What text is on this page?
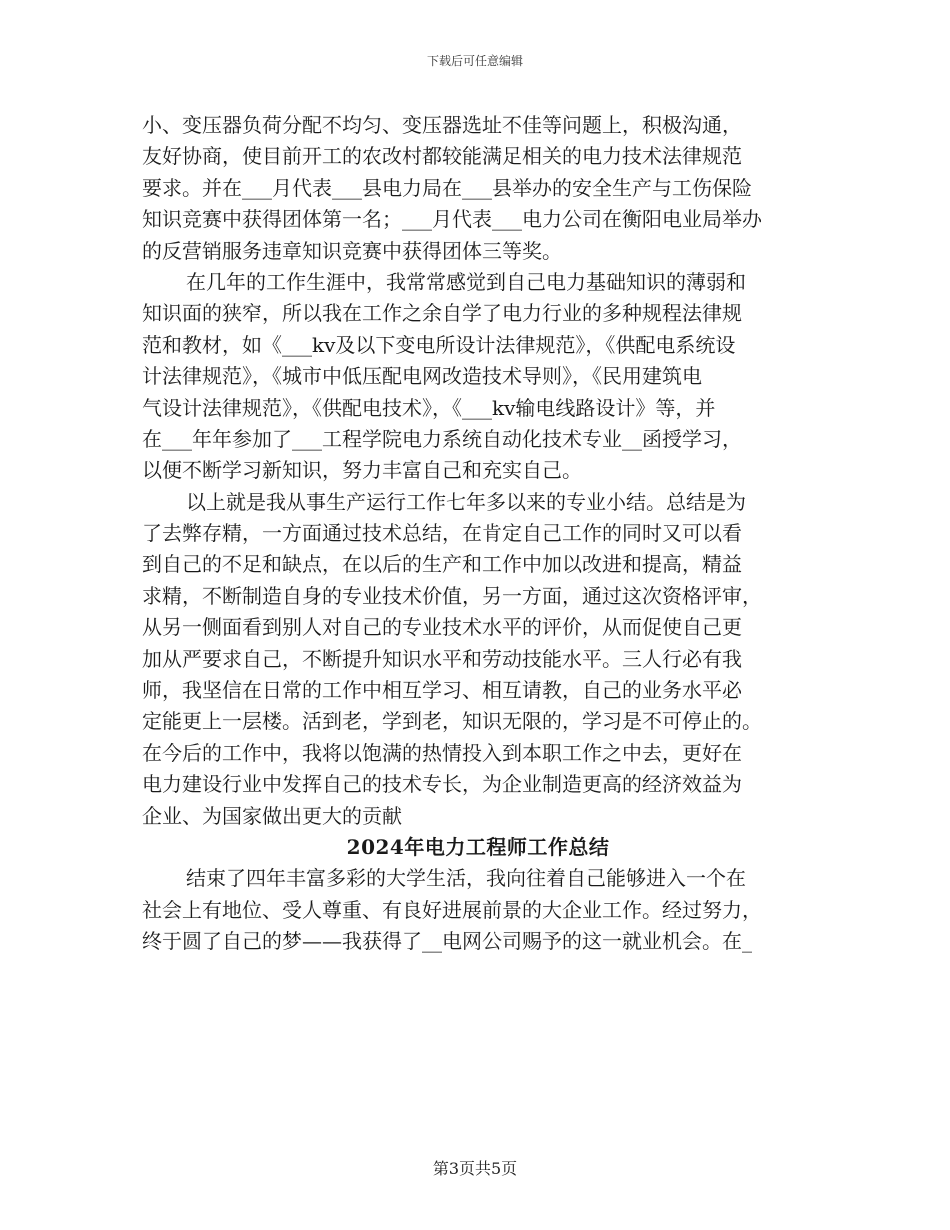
下载后可任意编辑
小、变压器负荷分配不均匀、变压器选址不佳等问题上，积极沟通，
友好协商，使目前开工的农改村都较能满足相关的电力技术法律规范
要求。并在___月代表___县电力局在___县举办的安全生产与工伤保险
知识竞赛中获得团体第一名；___月代表___电力公司在衡阳电业局举办
的反营销服务违章知识竞赛中获得团体三等奖。
在几年的工作生涯中，我常常感觉到自己电力基础知识的薄弱和
知识面的狭窄，所以我在工作之余自学了电力行业的多种规程法律规
范和教材，如《___kv及以下变电所设计法律规范》，《供配电系统设
计法律规范》，《城市中低压配电网改造技术导则》，《民用建筑电
气设计法律规范》，《供配电技术》，《___kv输电线路设计》等，并
在___年年参加了___工程学院电力系统自动化技术专业__函授学习，
以便不断学习新知识，努力丰富自己和充实自己。
以上就是我从事生产运行工作七年多以来的专业小结。总结是为
了去弊存精，一方面通过技术总结，在肯定自己工作的同时又可以看
到自己的不足和缺点，在以后的生产和工作中加以改进和提高，精益
求精，不断制造自身的专业技术价值，另一方面，通过这次资格评审，
从另一侧面看到别人对自己的专业技术水平的评价，从而促使自己更
加从严要求自己，不断提升知识水平和劳动技能水平。三人行必有我
师，我坚信在日常的工作中相互学习、相互请教，自己的业务水平必
定能更上一层楼。活到老，学到老，知识无限的，学习是不可停止的。
在今后的工作中，我将以饱满的热情投入到本职工作之中去，更好在
电力建设行业中发挥自己的技术专长，为企业制造更高的经济效益为
企业、为国家做出更大的贡献
2024年电力工程师工作总结
结束了四年丰富多彩的大学生活，我向往着自己能够进入一个在
社会上有地位、受人尊重、有良好进展前景的大企业工作。经过努力，
终于圆了自己的梦——我获得了__电网公司赐予的这一就业机会。在_
第3页共5页
